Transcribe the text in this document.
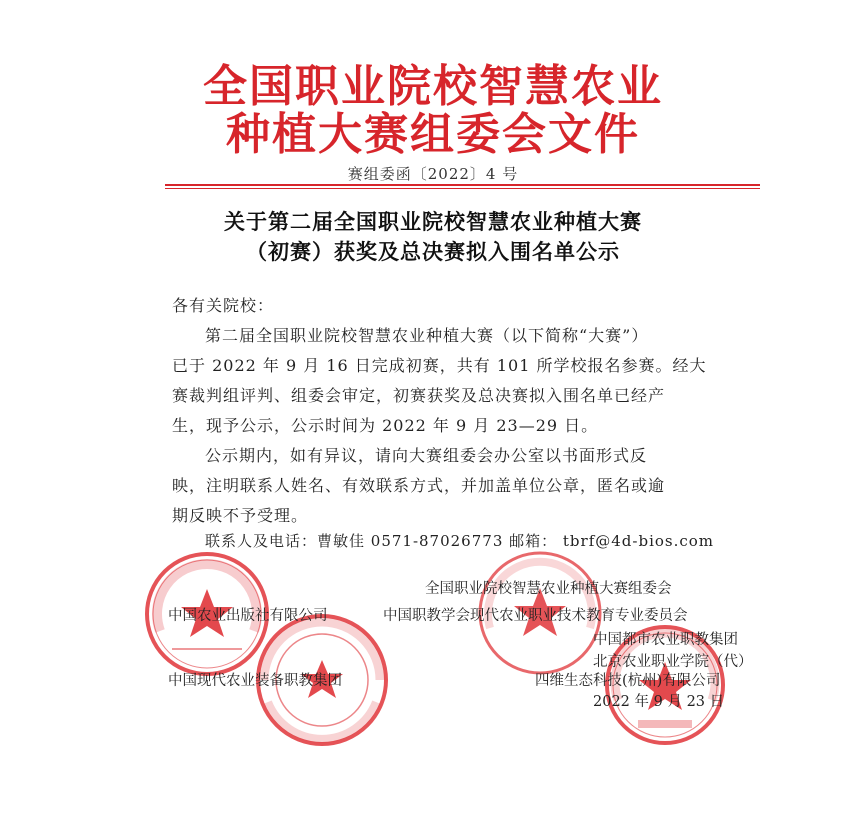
全国职业院校智慧农业
种植大赛组委会文件
赛组委函〔2022〕4 号
关于第二届全国职业院校智慧农业种植大赛
（初赛）获奖及总决赛拟入围名单公示
各有关院校：
第二届全国职业院校智慧农业种植大赛（以下简称“大赛”）
已于 2022 年 9 月 16 日完成初赛，共有 101 所学校报名参赛。经大
赛裁判组评判、组委会审定，初赛获奖及总决赛拟入围名单已经产
生，现予公示，公示时间为 2022 年 9 月 23—29 日。
公示期内，如有异议，请向大赛组委会办公室以书面形式反
映，注明联系人姓名、有效联系方式，并加盖单位公章，匿名或逾
期反映不予受理。
联系人及电话：曹敏佳 0571-87026773 邮箱： tbrf@4d-bios.com
全国职业院校智慧农业种植大赛组委会
中国农业出版社有限公司	中国职教学会现代农业职业技术教育专业委员会
中国都市农业职教集团
北京农业职业学院（代）
中国现代农业装备职教集团	四维生态科技(杭州)有限公司
2022 年 9 月 23 日
